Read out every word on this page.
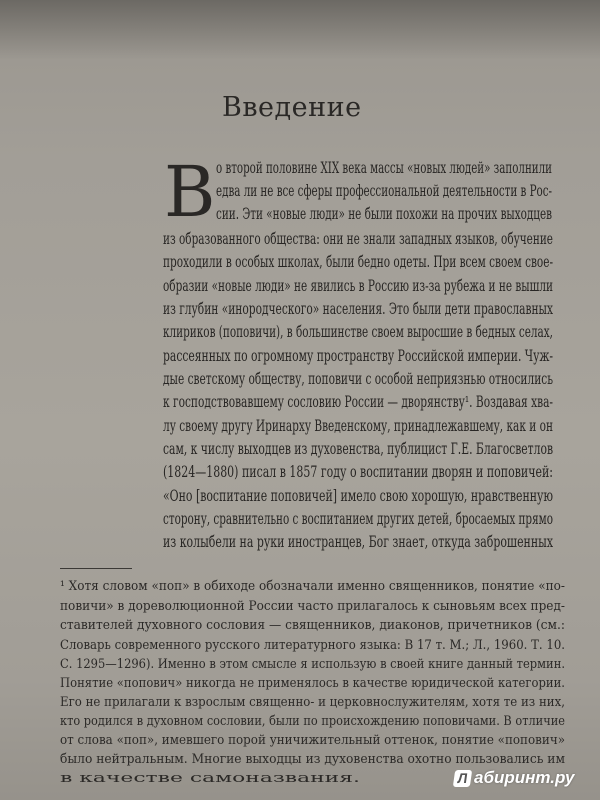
Введение
В о второй половине XIX века массы «новых людей» заполнили

едва ли не все сферы профессиональной деятельности в Рос-

сии. Эти «новые люди» не были похожи на прочих выходцев

из образованного общества: они не знали западных языков, обучение

проходили в особых школах, были бедно одеты. При всем своем свое-

образии «новые люди» не явились в Россию из-за рубежа и не вышли

из глубин «инородческого» населения. Это были дети православных

клириков (поповичи), в большинстве своем выросшие в бедных селах,

рассеянных по огромному пространству Российской империи. Чуж-

дые светскому обществу, поповичи с особой неприязнью относились

к господствовавшему сословию России — дворянству¹. Воздавая хва-

лу своему другу Иринарху Введенскому, принадлежавшему, как и он

сам, к числу выходцев из духовенства, публицист Г.Е. Благосветлов

(1824—1880) писал в 1857 году о воспитании дворян и поповичей:

«Оно [воспитание поповичей] имело свою хорошую, нравственную

сторону, сравнительно с воспитанием других детей, бросаемых прямо

из колыбели на руки иностранцев, Бог знает, откуда заброшенных

¹ Хотя словом «поп» в обиходе обозначали именно священников, понятие «по-

повичи» в дореволюционной России часто прилагалось к сыновьям всех пред-

ставителей духовного сословия — священников, диаконов, причетников (см.:

Словарь современного русского литературного языка: В 17 т. М.; Л., 1960. Т. 10.

С. 1295—1296). Именно в этом смысле я использую в своей книге данный термин.

Понятие «попович» никогда не применялось в качестве юридической категории.

Его не прилагали к взрослым священно- и церковнослужителям, хотя те из них,

кто родился в духовном сословии, были по происхождению поповичами. В отличие

от слова «поп», имевшего порой уничижительный оттенок, понятие «попович»

было нейтральным. Многие выходцы из духовенства охотно пользовались им

в качестве самоназвания.	Л абиринт.ру
